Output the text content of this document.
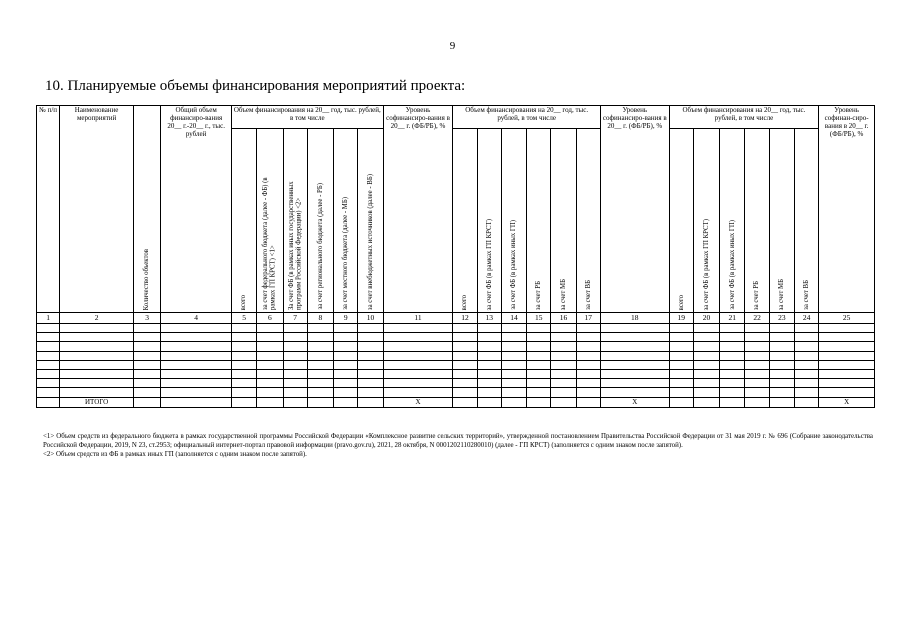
9
10. Планируемые объемы финансирования мероприятий проекта:
№ п/п	Наименование мероприятий	Количество объектов	Общий объем финансиро-вания 20__ г.-20__ г., тыс. рублей	Объем финансирования на 20__ год, тыс. рублей, в том числе						Уровень софинансиро-вания в 20__ г. (ФБ/РБ), %	Объем финансирования на 20__ год, тыс. рублей, в том числе						Уровень софинансиро-вания в 20__ г. (ФБ/РБ), %	Объем финансирования на 20__ год, тыс. рублей, в том числе						Уровень софинан-сиро-вания в 20__ г. (ФБ/РБ), %
				всего	за счет федерального бюджета (далее - ФБ) (в рамках ГП КРСТ) <1>	За счет ФБ (в рамках иных государственных программ Российской Федерации) <2>	за счет регионального бюджета (далее - РБ)	за счет местного бюджета (далее - МБ)	за счет внебюджетных источников (далее - ВБ)		всего	за счет ФБ (в рамках ГП КРСТ)	за счет ФБ (в рамках иных ГП)	за счет РБ	за счет МБ	за счет ВБ		всего	за счет ФБ (в рамках ГП КРСТ)	за счет ФБ (в рамках иных ГП)	за счет РБ	за счет МБ	за счет ВБ	
1	2	3	4	5	6	7	8	9	10	11	12	13	14	15	16	17	18	19	20	21	22	23	24	25

	ИТОГО									X							X							X

<1> Объем средств из федерального бюджета в рамках государственной программы Российской Федерации «Комплексное развитие сельских территорий», утвержденной постановлением Правительства Российской Федерации от 31 мая 2019 г. № 696 (Собрание законодательства Российской Федерации, 2019, N 23, ст.2953; официальный интернет-портал правовой информации (pravo.gov.ru), 2021, 28 октября, N 0001202110280010) (далее - ГП КРСТ) (заполняется с одним знаком после запятой).

<2> Объем средств из ФБ в рамках иных ГП (заполняется с одним знаком после запятой).
